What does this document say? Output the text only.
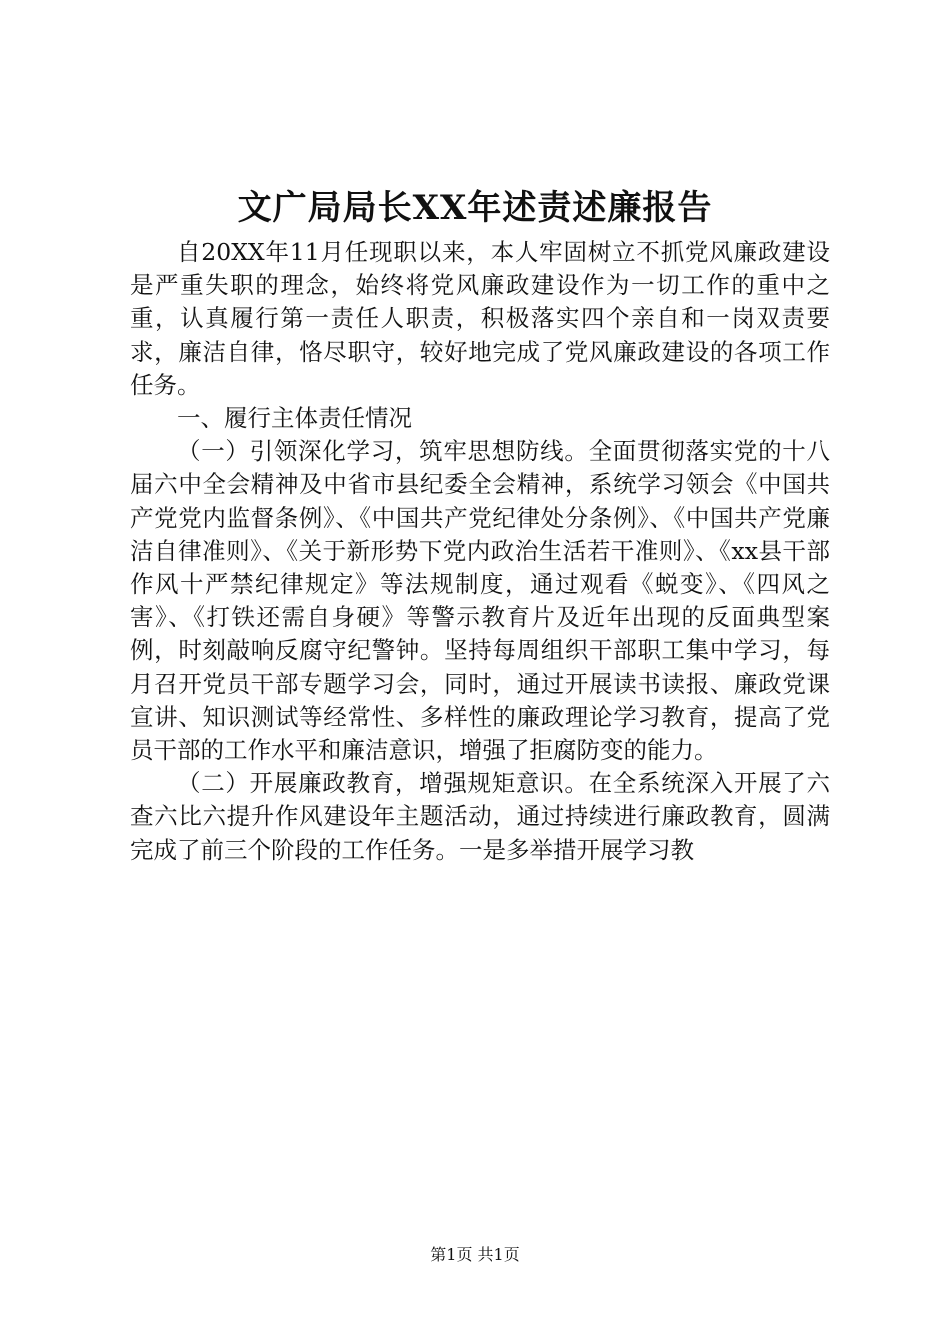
文广局局长XX年述责述廉报告

自20XX年11月任现职以来，本人牢固树立不抓党风廉政建设是严重失职的理念，始终将党风廉政建设作为一切工作的重中之重，认真履行第一责任人职责，积极落实四个亲自和一岗双责要求，廉洁自律，恪尽职守，较好地完成了党风廉政建设的各项工作任务。

一、履行主体责任情况

（一）引领深化学习，筑牢思想防线。全面贯彻落实党的十八届六中全会精神及中省市县纪委全会精神，系统学习领会《中国共产党党内监督条例》、《中国共产党纪律处分条例》、《中国共产党廉洁自律准则》、《关于新形势下党内政治生活若干准则》、《xx县干部作风十严禁纪律规定》等法规制度，通过观看《蜕变》、《四风之害》、《打铁还需自身硬》等警示教育片及近年出现的反面典型案例，时刻敲响反腐守纪警钟。坚持每周组织干部职工集中学习，每月召开党员干部专题学习会，同时，通过开展读书读报、廉政党课宣讲、知识测试等经常性、多样性的廉政理论学习教育，提高了党员干部的工作水平和廉洁意识，增强了拒腐防变的能力。

（二）开展廉政教育，增强规矩意识。在全系统深入开展了六查六比六提升作风建设年主题活动，通过持续进行廉政教育，圆满完成了前三个阶段的工作任务。一是多举措开展学习教

第1页 共1页
